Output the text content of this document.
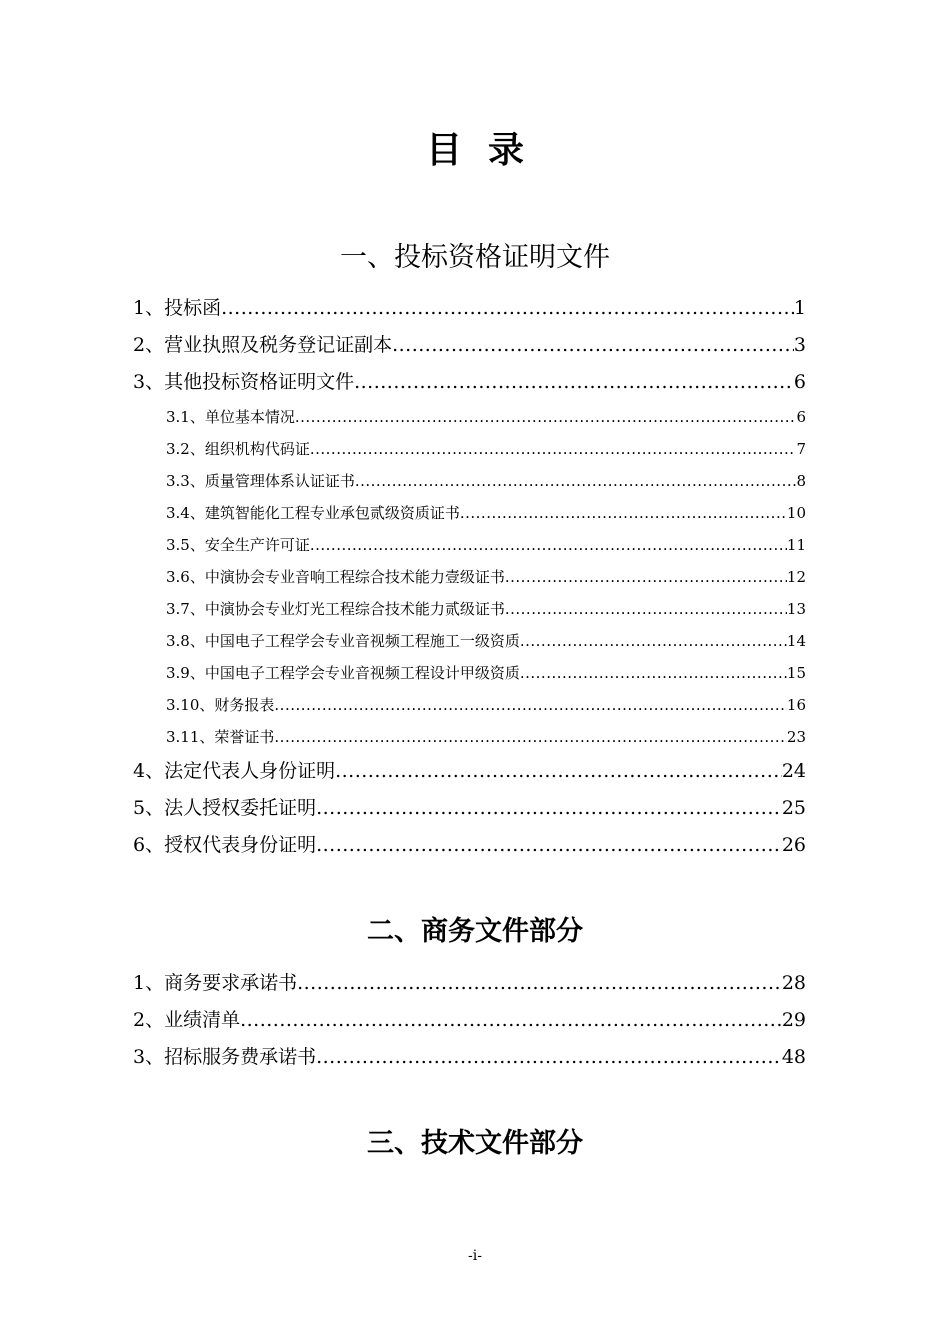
目录
一、投标资格证明文件
1、投标函 .....	1
2、营业执照及税务登记证副本 .....	3
3、其他投标资格证明文件 .....	6
3.1、单位基本情况 .....	6
3.2、组织机构代码证 .....	7
3.3、质量管理体系认证证书 .....	8
3.4、建筑智能化工程专业承包贰级资质证书 .....	10
3.5、安全生产许可证 .....	11
3.6、中演协会专业音响工程综合技术能力壹级证书 .....	12
3.7、中演协会专业灯光工程综合技术能力贰级证书 .....	13
3.8、中国电子工程学会专业音视频工程施工一级资质 .....	14
3.9、中国电子工程学会专业音视频工程设计甲级资质 .....	15
3.10、财务报表 .....	16
3.11、荣誉证书 .....	23
4、法定代表人身份证明 .....	24
5、法人授权委托证明 .....	25
6、授权代表身份证明 .....	26
二、商务文件部分
1、商务要求承诺书 .....	28
2、业绩清单 .....	29
3、招标服务费承诺书 .....	48
三、技术文件部分
-i-
